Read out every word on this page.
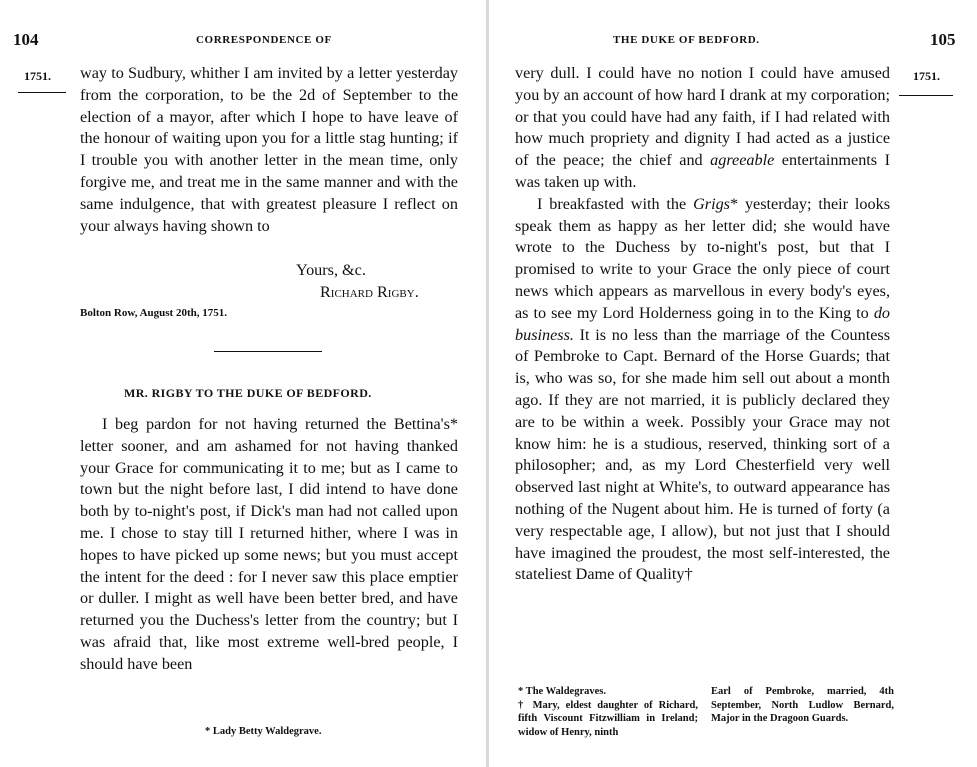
104	CORRESPONDENCE OF
1751. way to Sudbury, whither I am invited by a letter yesterday from the corporation, to be the 2d of September to the election of a mayor, after which I hope to have leave of the honour of waiting upon you for a little stag hunting; if I trouble you with another letter in the mean time, only forgive me, and treat me in the same manner and with the same indulgence, that with greatest pleasure I reflect on your always having shown to

Yours, &c.
Richard Rigby.
Bolton Row, August 20th, 1751.
MR. RIGBY TO THE DUKE OF BEDFORD.

I beg pardon for not having returned the Bettina's* letter sooner, and am ashamed for not having thanked your Grace for communicating it to me; but as I came to town but the night before last, I did intend to have done both by to-night's post, if Dick's man had not called upon me. I chose to stay till I returned hither, where I was in hopes to have picked up some news; but you must accept the intent for the deed : for I never saw this place emptier or duller. I might as well have been better bred, and have returned you the Duchess's letter from the country; but I was afraid that, like most extreme well-bred people, I should have been

* Lady Betty Waldegrave.
THE DUKE OF BEDFORD.	105
1751.

very dull. I could have no notion I could have amused you by an account of how hard I drank at my corporation; or that you could have had any faith, if I had related with how much propriety and dignity I had acted as a justice of the peace; the chief and agreeable entertainments I was taken up with.

I breakfasted with the Grigs* yesterday; their looks speak them as happy as her letter did; she would have wrote to the Duchess by to-night's post, but that I promised to write to your Grace the only piece of court news which appears as marvellous in every body's eyes, as to see my Lord Holderness going in to the King to do business. It is no less than the marriage of the Countess of Pembroke to Capt. Bernard of the Horse Guards; that is, who was so, for she made him sell out about a month ago. If they are not married, it is publicly declared they are to be within a week. Possibly your Grace may not know him: he is a studious, reserved, thinking sort of a philosopher; and, as my Lord Chesterfield very well observed last night at White's, to outward appearance has nothing of the Nugent about him. He is turned of forty (a very respectable age, I allow), but not just that I should have imagined the proudest, the most self-interested, the stateliest Dame of Quality†

* The Waldegraves.
† Mary, eldest daughter of Richard, fifth Viscount Fitzwilliam in Ireland; widow of Henry, ninth
Earl of Pembroke, married, 4th September, North Ludlow Bernard, Major in the Dragoon Guards.
